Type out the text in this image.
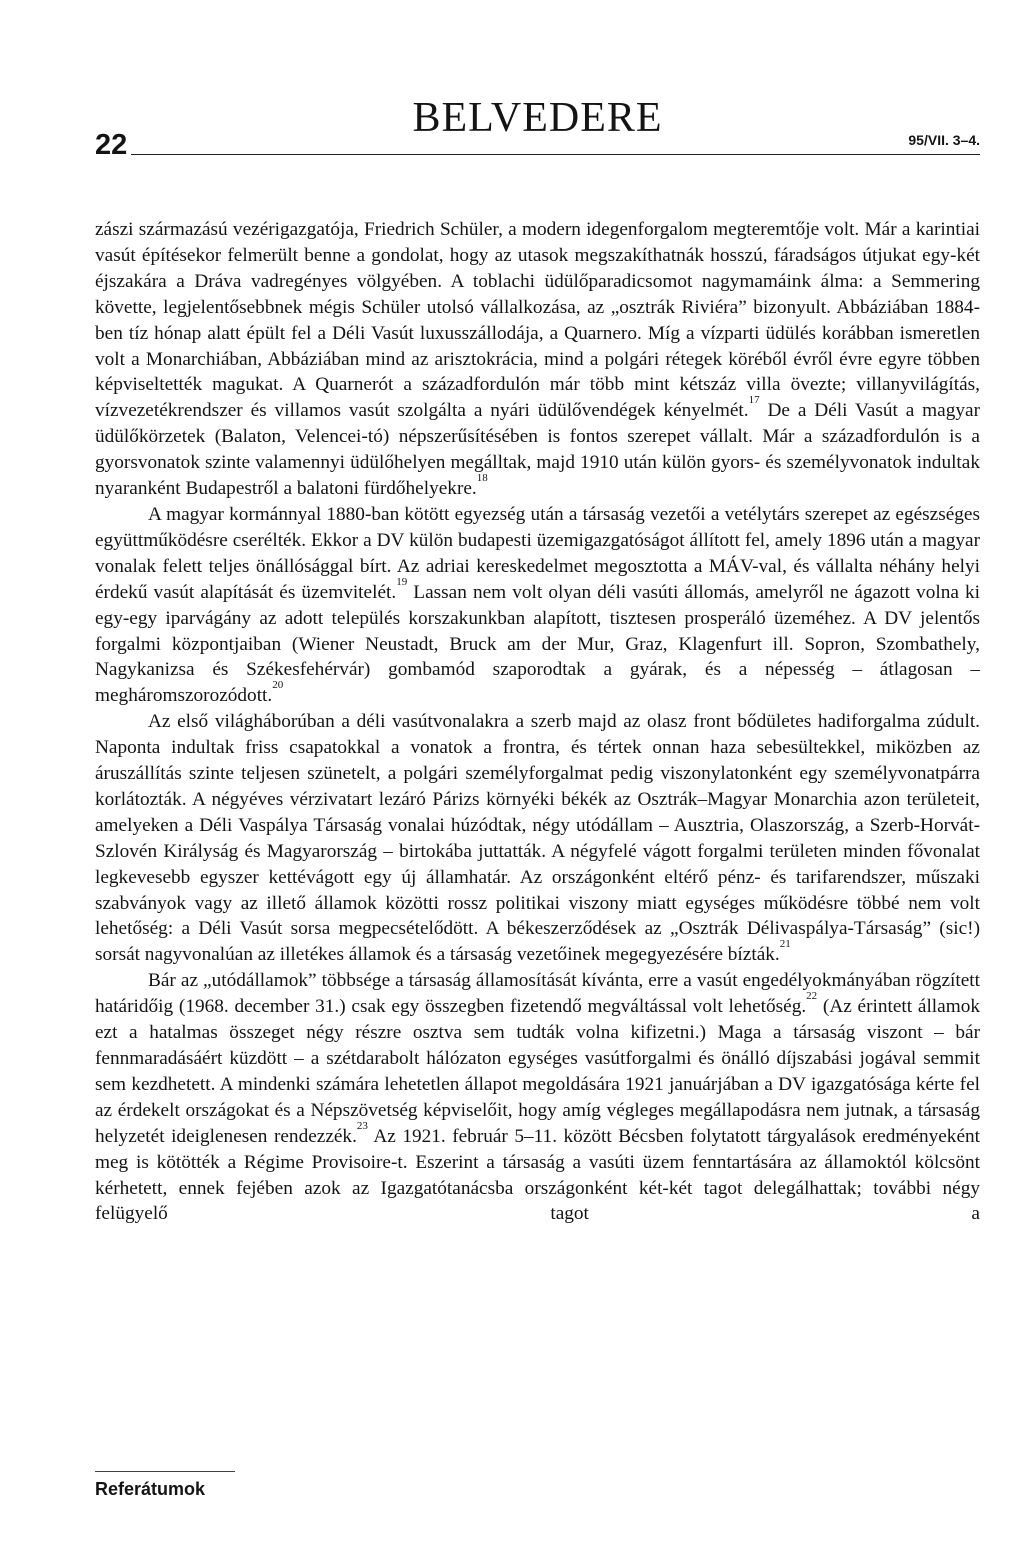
22
BELVEDERE	95/VII. 3–4.

zászi származású vezérigazgatója, Friedrich Schüler, a modern idegenforgalom megteremtője volt. Már a karintiai vasút építésekor felmerült benne a gondolat, hogy az utasok megszakíthatnák hosszú, fáradságos útjukat egy-két éjszakára a Dráva vadregényes völgyében. A toblachi üdülőparadicsomot nagymamáink álma: a Semmering követte, legjelentősebbnek mégis Schüler utolsó vállalkozása, az „osztrák Riviéra” bizonyult. Abbáziában 1884-ben tíz hónap alatt épült fel a Déli Vasút luxusszállodája, a Quarnero. Míg a vízparti üdülés korábban ismeretlen volt a Monarchiában, Abbáziában mind az arisztokrácia, mind a polgári rétegek köréből évről évre egyre többen képviseltették magukat. A Quarnerót a századfordulón már több mint kétszáz villa övezte; villanyvilágítás, vízvezetékrendszer és villamos vasút szolgálta a nyári üdülővendégek kényelmét.$^{17}$ De a Déli Vasút a magyar üdülőkörzetek (Balaton, Velencei-tó) népszerűsítésében is fontos szerepet vállalt. Már a századfordulón is a gyorsvonatok szinte valamennyi üdülőhelyen megálltak, majd 1910 után külön gyors- és személyvonatok indultak nyaranként Budapestről a balatoni fürdőhelyekre.$^{18}$

A magyar kormánnyal 1880-ban kötött egyezség után a társaság vezetői a vetélytárs szerepet az egészséges együttműködésre cserélték. Ekkor a DV külön budapesti üzemigazgatóságot állított fel, amely 1896 után a magyar vonalak felett teljes önállósággal bírt. Az adriai kereskedelmet megosztotta a MÁV-val, és vállalta néhány helyi érdekű vasút alapítását és üzemvitelét.$^{19}$ Lassan nem volt olyan déli vasúti állomás, amelyről ne ágazott volna ki egy-egy iparvágány az adott település korszakunkban alapított, tisztesen prosperáló üzeméhez. A DV jelentős forgalmi központjaiban (Wiener Neustadt, Bruck am der Mur, Graz, Klagenfurt ill. Sopron, Szombathely, Nagykanizsa és Székesfehérvár) gombamód szaporodtak a gyárak, és a népesség – átlagosan – megháromszorozódott.$^{20}$

Az első világháborúban a déli vasútvonalakra a szerb majd az olasz front bődületes hadiforgalma zúdult. Naponta indultak friss csapatokkal a vonatok a frontra, és tértek onnan haza sebesültekkel, miközben az áruszállítás szinte teljesen szünetelt, a polgári személyforgalmat pedig viszonylatonként egy személyvonatpárra korlátozták. A négyéves vérzivatart lezáró Párizs környéki békék az Osztrák–Magyar Monarchia azon területeit, amelyeken a Déli Vaspálya Társaság vonalai húzódtak, négy utódállam – Ausztria, Olaszország, a Szerb-Horvát-Szlovén Királyság és Magyarország – birtokába juttatták. A négyfelé vágott forgalmi területen minden fővonalat legkevesebb egyszer kettévágott egy új államhatár. Az országonként eltérő pénz- és tarifarendszer, műszaki szabványok vagy az illető államok közötti rossz politikai viszony miatt egységes működésre többé nem volt lehetőség: a Déli Vasút sorsa megpecsételődött. A békeszerződések az „Osztrák Délivaspálya-Társaság” (sic!) sorsát nagyvonalúan az illetékes államok és a társaság vezetőinek megegyezésére bízták.$^{21}$

Bár az „utódállamok” többsége a társaság államosítását kívánta, erre a vasút engedélyokmányában rögzített határidőig (1968. december 31.) csak egy összegben fizetendő megváltással volt lehetőség.$^{22}$ (Az érintett államok ezt a hatalmas összeget négy részre osztva sem tudták volna kifizetni.) Maga a társaság viszont – bár fennmaradásáért küzdött – a szétdarabolt hálózaton egységes vasútforgalmi és önálló díjszabási jogával semmit sem kezdhetett. A mindenki számára lehetetlen állapot megoldására 1921 januárjában a DV igazgatósága kérte fel az érdekelt országokat és a Népszövetség képviselőit, hogy amíg végleges megállapodásra nem jutnak, a társaság helyzetét ideiglenesen rendezzék.$^{23}$ Az 1921. február 5–11. között Bécsben folytatott tárgyalások eredményeként meg is kötötték a Régime Provisoire-t. Eszerint a társaság a vasúti üzem fenntartására az államoktól kölcsönt kérhetett, ennek fejében azok az Igazgatótanácsba országonként két-két tagot delegálhattak; további négy felügyelő tagot a

Referátumok
